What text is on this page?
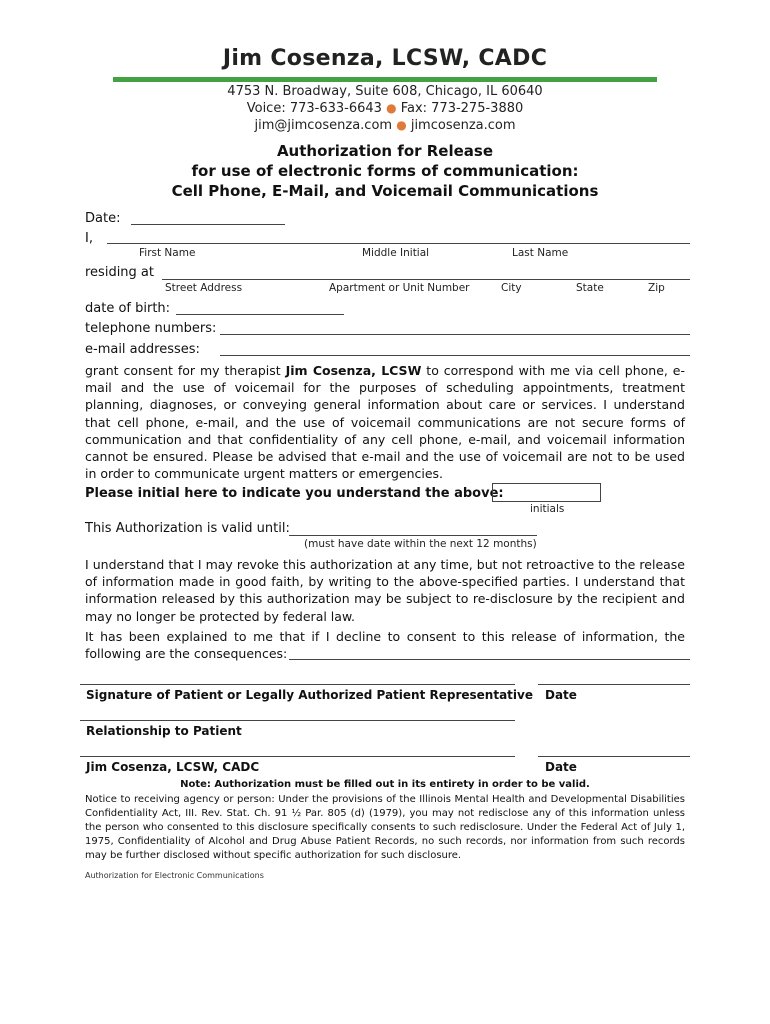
Jim Cosenza, LCSW, CADC
4753 N. Broadway, Suite 608, Chicago, IL 60640
Voice: 773-633-6643 ● Fax: 773-275-3880
jim@jimcosenza.com ● jimcosenza.com
Authorization for Release
for use of electronic forms of communication:
Cell Phone, E-Mail, and Voicemail Communications
Date:
I,
First Name	Middle Initial	Last Name
residing at
Street Address	Apartment or Unit Number	City	State	Zip
date of birth:
telephone numbers:
e-mail addresses:
grant consent for my therapist Jim Cosenza, LCSW to correspond with me via cell phone, e-mail and the use of voicemail for the purposes of scheduling appointments, treatment planning, diagnoses, or conveying general information about care or services. I understand that cell phone, e-mail, and the use of voicemail communications are not secure forms of communication and that confidentiality of any cell phone, e-mail, and voicemail information cannot be ensured. Please be advised that e-mail and the use of voicemail are not to be used in order to communicate urgent matters or emergencies.
Please initial here to indicate you understand the above:
initials
This Authorization is valid until:
(must have date within the next 12 months)
I understand that I may revoke this authorization at any time, but not retroactive to the release of information made in good faith, by writing to the above-specified parties. I understand that information released by this authorization may be subject to re-disclosure by the recipient and may no longer be protected by federal law.
It has been explained to me that if I decline to consent to this release of information, the following are the consequences:
Signature of Patient or Legally Authorized Patient Representative Date
Relationship to Patient
Jim Cosenza, LCSW, CADC	Date
Note: Authorization must be filled out in its entirety in order to be valid.
Notice to receiving agency or person: Under the provisions of the Illinois Mental Health and Developmental Disabilities Confidentiality Act, III. Rev. Stat. Ch. 91 ½ Par. 805 (d) (1979), you may not redisclose any of this information unless the person who consented to this disclosure specifically consents to such redisclosure. Under the Federal Act of July 1, 1975, Confidentiality of Alcohol and Drug Abuse Patient Records, no such records, nor information from such records may be further disclosed without specific authorization for such disclosure.
Authorization for Electronic Communications
